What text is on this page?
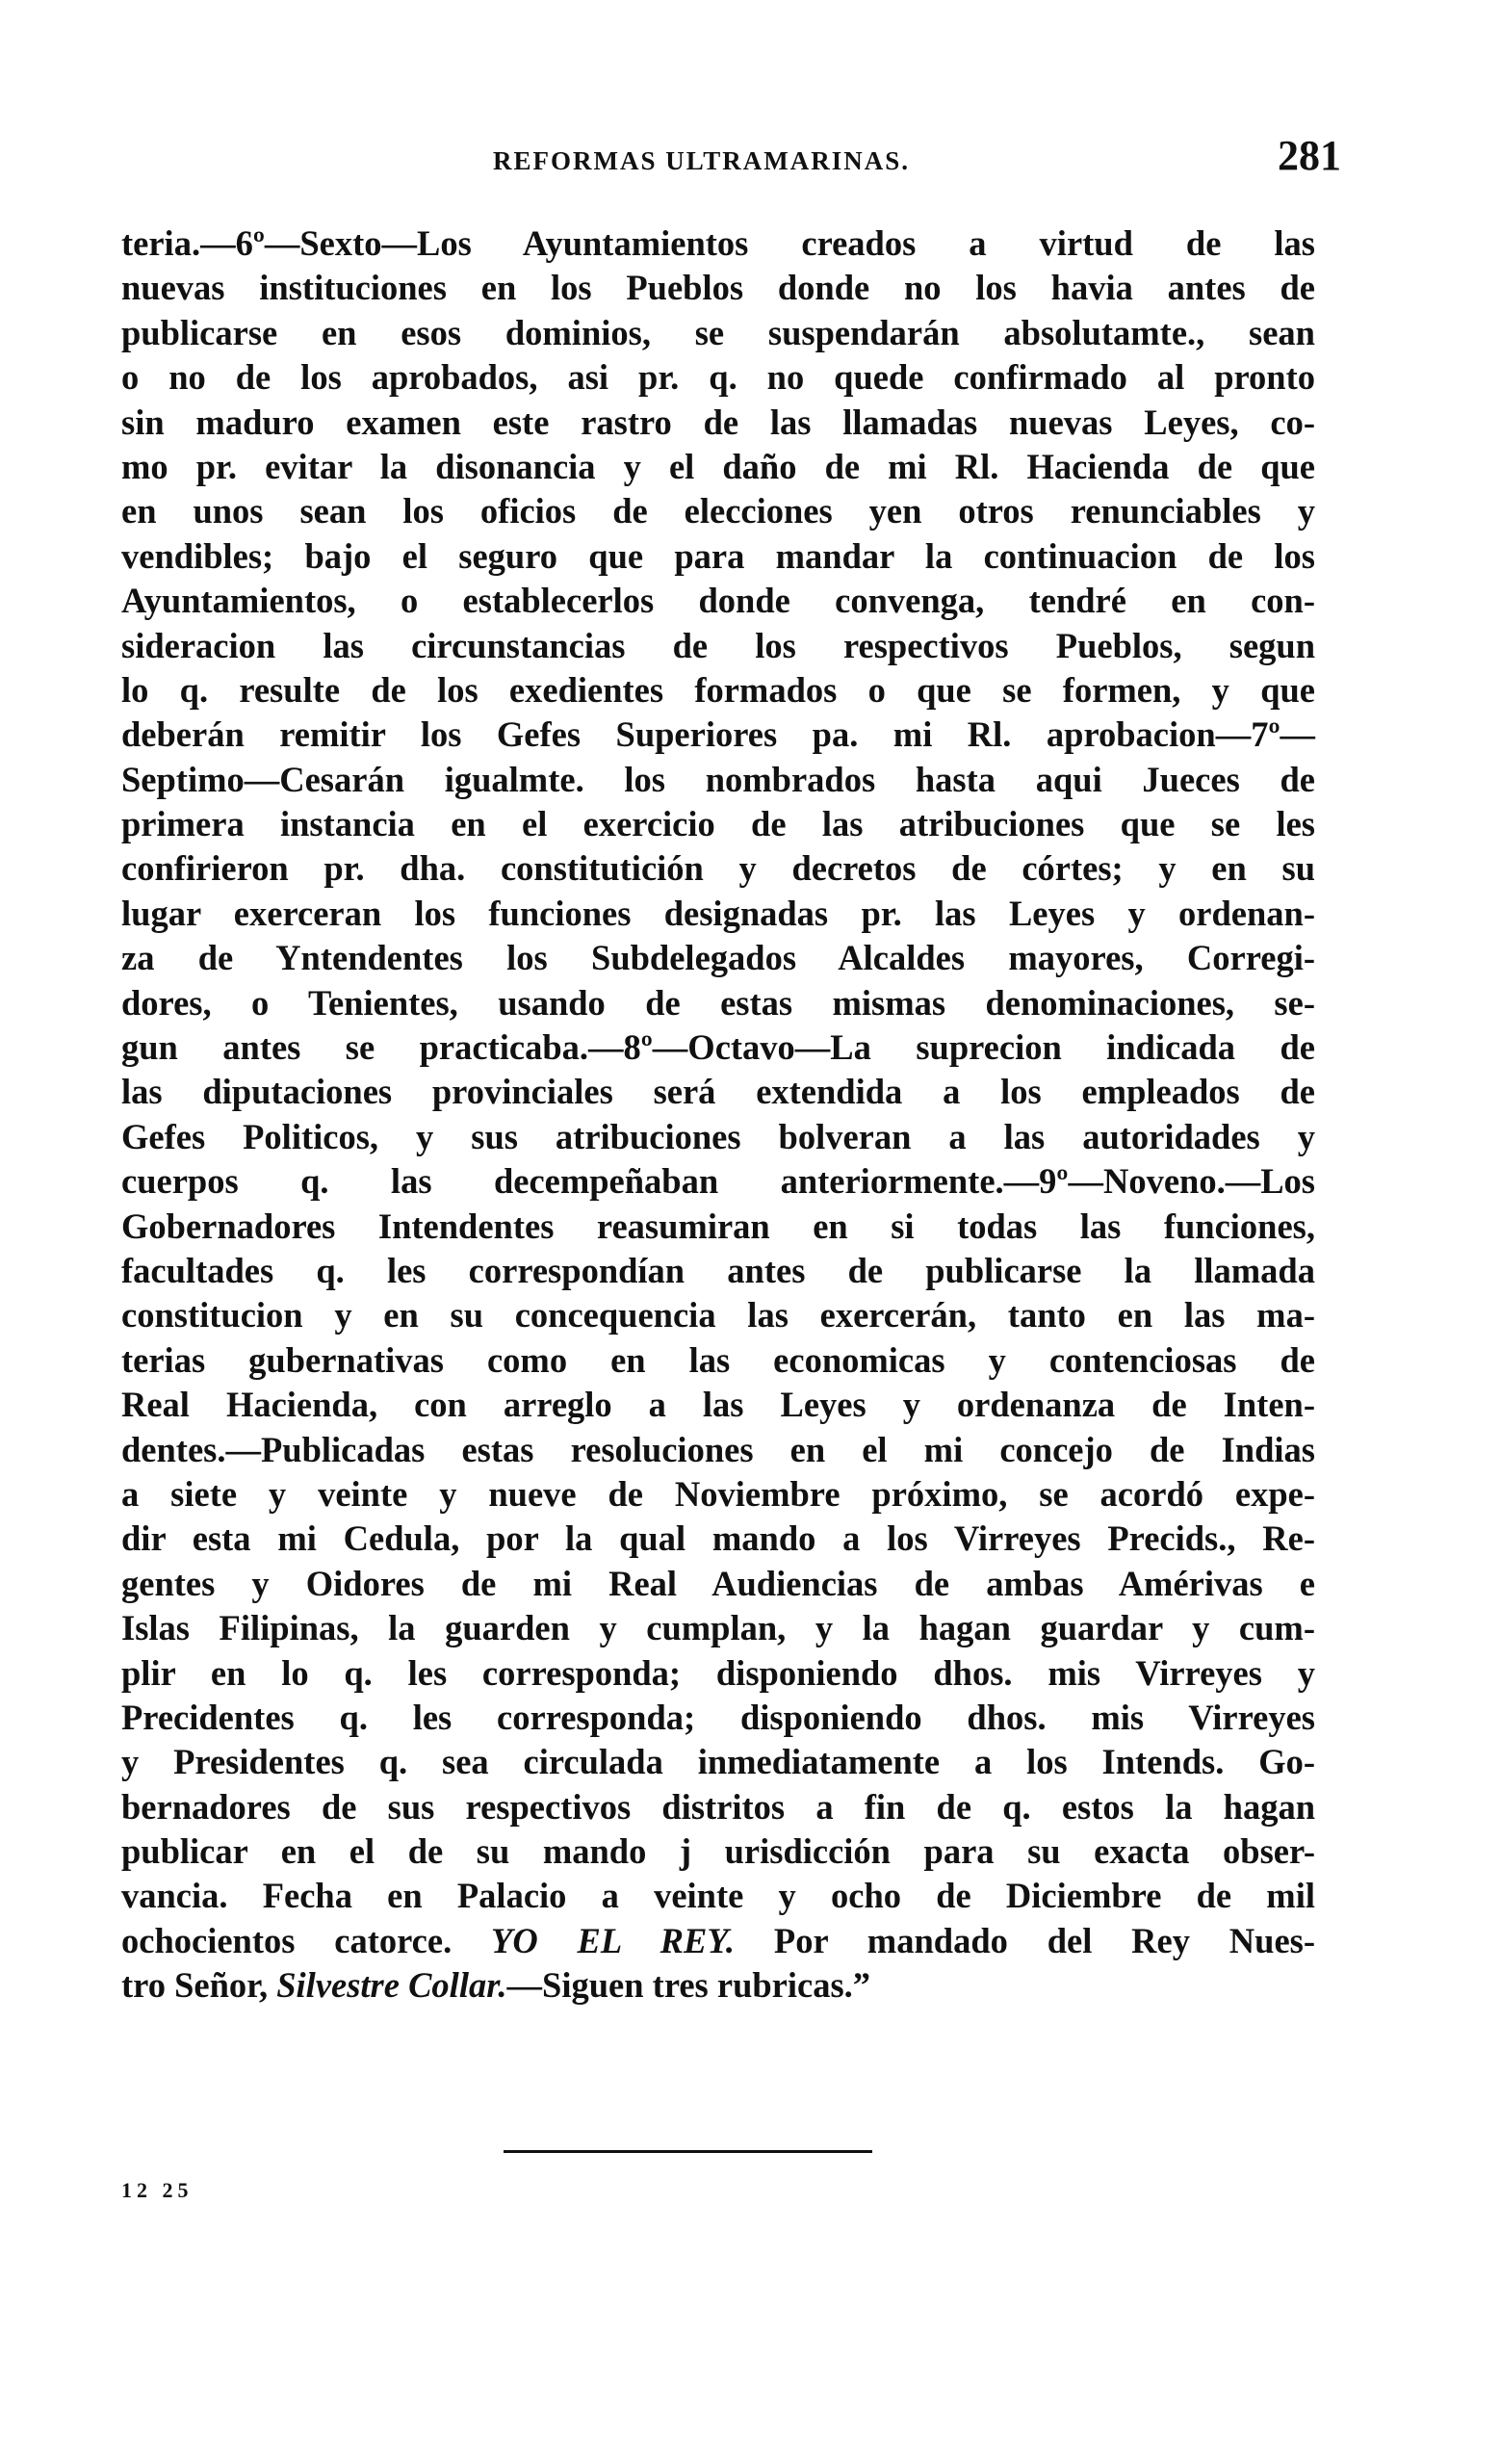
REFORMAS ULTRAMARINAS.	281
teria.—6º—Sexto—Los Ayuntamientos creados a virtud de las
nuevas instituciones en los Pueblos donde no los havia antes de
publicarse en esos dominios, se suspendarán absolutamte., sean
o no de los aprobados, asi pr. q. no quede confirmado al pronto
sin maduro examen este rastro de las llamadas nuevas Leyes, co-
mo pr. evitar la disonancia y el daño de mi Rl. Hacienda de que
en unos sean los oficios de elecciones yen otros renunciables y
vendibles; bajo el seguro que para mandar la continuacion de los
Ayuntamientos, o establecerlos donde convenga, tendré en con-
sideracion las circunstancias de los respectivos Pueblos, segun
lo q. resulte de los exedientes formados o que se formen, y que
deberán remitir los Gefes Superiores pa. mi Rl. aprobacion—7º—
Septimo—Cesarán igualmte. los nombrados hasta aqui Jueces de
primera instancia en el exercicio de las atribuciones que se les
confirieron pr. dha. constitutición y decretos de córtes; y en su
lugar exerceran los funciones designadas pr. las Leyes y ordenan-
za de Yntendentes los Subdelegados Alcaldes mayores, Corregi-
dores, o Tenientes, usando de estas mismas denominaciones, se-
gun antes se practicaba.—8º—Octavo—La suprecion indicada de
las diputaciones provinciales será extendida a los empleados de
Gefes Politicos, y sus atribuciones bolveran a las autoridades y
cuerpos q. las decempeñaban anteriormente.—9º—Noveno.—Los
Gobernadores Intendentes reasumiran en si todas las funciones,
facultades q. les correspondían antes de publicarse la llamada
constitucion y en su concequencia las exercerán, tanto en las ma-
terias gubernativas como en las economicas y contenciosas de
Real Hacienda, con arreglo a las Leyes y ordenanza de Inten-
dentes.—Publicadas estas resoluciones en el mi concejo de Indias
a siete y veinte y nueve de Noviembre próximo, se acordó expe-
dir esta mi Cedula, por la qual mando a los Virreyes Precids., Re-
gentes y Oidores de mi Real Audiencias de ambas Amérivas e
Islas Filipinas, la guarden y cumplan, y la hagan guardar y cum-
plir en lo q. les corresponda; disponiendo dhos. mis Virreyes y
Precidentes q. les corresponda; disponiendo dhos. mis Virreyes
y Presidentes q. sea circulada inmediatamente a los Intends. Go-
bernadores de sus respectivos distritos a fin de q. estos la hagan
publicar en el de su mando j urisdicción para su exacta obser-
vancia. Fecha en Palacio a veinte y ocho de Diciembre de mil
ochocientos catorce. YO EL REY. Por mandado del Rey Nues-
tro Señor, Silvestre Collar.—Siguen tres rubricas.”
12 25
